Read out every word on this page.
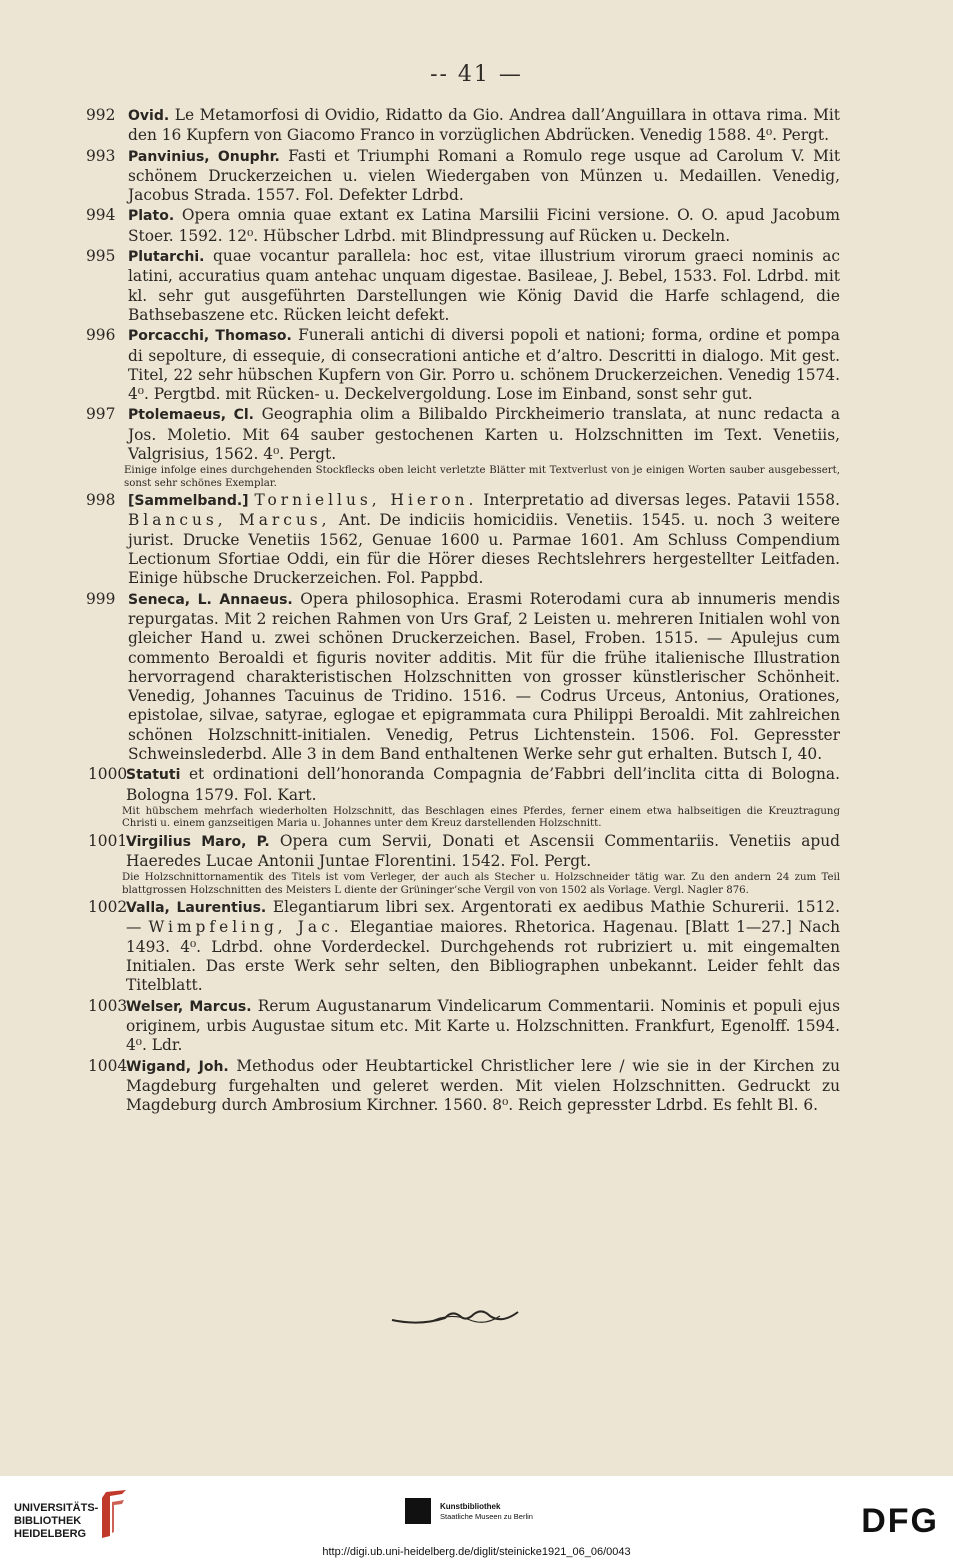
-- 41 —
992 Ovid. Le Metamorfosi di Ovidio, Ridatto da Gio. Andrea dall’Anguillara in ottava rima. Mit den 16 Kupfern von Giacomo Franco in vorzüglichen Abdrücken. Venedig 1588. 4⁰. Pergt.
993 Panvinius, Onuphr. Fasti et Triumphi Romani a Romulo rege usque ad Carolum V. Mit schönem Druckerzeichen u. vielen Wiedergaben von Münzen u. Medaillen. Venedig, Jacobus Strada. 1557. Fol. Defekter Ldrbd.
994 Plato. Opera omnia quae extant ex Latina Marsilii Ficini versione. O. O. apud Jacobum Stoer. 1592. 12⁰. Hübscher Ldrbd. mit Blindpressung auf Rücken u. Deckeln.
995 Plutarchi. quae vocantur parallela: hoc est, vitae illustrium virorum graeci nominis ac latini, accuratius quam antehac unquam digestae. Basileae, J. Bebel, 1533. Fol. Ldrbd. mit kl. sehr gut ausgeführten Darstellungen wie König David die Harfe schlagend, die Bathsebaszene etc. Rücken leicht defekt.
996 Porcacchi, Thomaso. Funerali antichi di diversi popoli et nationi; forma, ordine et pompa di sepolture, di essequie, di consecrationi antiche et d’altro. Descritti in dialogo. Mit gest. Titel, 22 sehr hübschen Kupfern von Gir. Porro u. schönem Druckerzeichen. Venedig 1574. 4⁰. Pergtbd. mit Rücken- u. Deckelvergoldung. Lose im Einband, sonst sehr gut.
997 Ptolemaeus, Cl. Geographia olim a Bilibaldo Pirckheimerio translata, at nunc redacta a Jos. Moletio. Mit 64 sauber gestochenen Karten u. Holzschnitten im Text. Venetiis, Valgrisius, 1562. 4⁰. Pergt.
Einige infolge eines durchgehenden Stockflecks oben leicht verletzte Blätter mit Textverlust von je einigen Worten sauber ausgebessert, sonst sehr schönes Exemplar.
998 [Sammelband.] Torniellus, Hieron. Interpretatio ad diversas leges. Patavii 1558. Blancus, Marcus, Ant. De indiciis homicidiis. Venetiis. 1545. u. noch 3 weitere jurist. Drucke Venetiis 1562, Genuae 1600 u. Parmae 1601. Am Schluss Compendium Lectionum Sfortiae Oddi, ein für die Hörer dieses Rechtslehrers hergestellter Leitfaden. Einige hübsche Druckerzeichen. Fol. Pappbd.
999 Seneca, L. Annaeus. Opera philosophica. Erasmi Roterodami cura ab innumeris mendis repurgatas. Mit 2 reichen Rahmen von Urs Graf, 2 Leisten u. mehreren Initialen wohl von gleicher Hand u. zwei schönen Druckerzeichen. Basel, Froben. 1515. — Apulejus cum commento Beroaldi et figuris noviter additis. Mit für die frühe italienische Illustration hervorragend charakteristischen Holzschnitten von grosser künstlerischer Schönheit. Venedig, Johannes Tacuinus de Tridino. 1516. — Codrus Urceus, Antonius, Orationes, epistolae, silvae, satyrae, eglogae et epigrammata cura Philippi Beroaldi. Mit zahlreichen schönen Holzschnitt-initialen. Venedig, Petrus Lichtenstein. 1506. Fol. Gepresster Schweinslederbd. Alle 3 in dem Band enthaltenen Werke sehr gut erhalten. Butsch I, 40.
1000
Statuti et ordinationi dell’honoranda Compagnia de’Fabbri dell’inclita citta di Bologna. Bologna 1579. Fol. Kart.
Mit hübschem mehrfach wiederholten Holzschnitt, das Beschlagen eines Pferdes, ferner einem etwa halbseitigen die Kreuztragung Christi u. einem ganzseitigen Maria u. Johannes unter dem Kreuz darstellenden Holzschnitt.
1001
Virgilius Maro, P. Opera cum Servii, Donati et Ascensii Commentariis. Venetiis apud Haeredes Lucae Antonii Juntae Florentini. 1542. Fol. Pergt.
Die Holzschnittornamentik des Titels ist vom Verleger, der auch als Stecher u. Holzschneider tätig war. Zu den andern 24 zum Teil blattgrossen Holzschnitten des Meisters L diente der Grüninger’sche Vergil von von 1502 als Vorlage. Vergl. Nagler 876.
1002
Valla, Laurentius. Elegantiarum libri sex. Argentorati ex aedibus Mathie Schurerii. 1512. — Wimpfeling, Jac. Elegantiae maiores. Rhetorica. Hagenau. [Blatt 1—27.] Nach 1493. 4⁰. Ldrbd. ohne Vorderdeckel. Durchgehends rot rubriziert u. mit eingemalten Initialen. Das erste Werk sehr selten, den Bibliographen unbekannt. Leider fehlt das Titelblatt.
1003
Welser, Marcus. Rerum Augustanarum Vindelicarum Commentarii. Nominis et populi ejus originem, urbis Augustae situm etc. Mit Karte u. Holzschnitten. Frankfurt, Egenolff. 1594. 4⁰. Ldr.
1004
Wigand, Joh. Methodus oder Heubtartickel Christlicher lere / wie sie in der Kirchen zu Magdeburg furgehalten und geleret werden. Mit vielen Holzschnitten. Gedruckt zu Magdeburg durch Ambrosium Kirchner. 1560. 8⁰. Reich gepresster Ldrbd. Es fehlt Bl. 6.
UNIVERSITÄTS-
BIBLIOTHEK
HEIDELBERG
Kunstbibliothek
Staatliche Museen zu Berlin	DFG
http://digi.ub.uni-heidelberg.de/diglit/steinicke1921_06_06/0043
